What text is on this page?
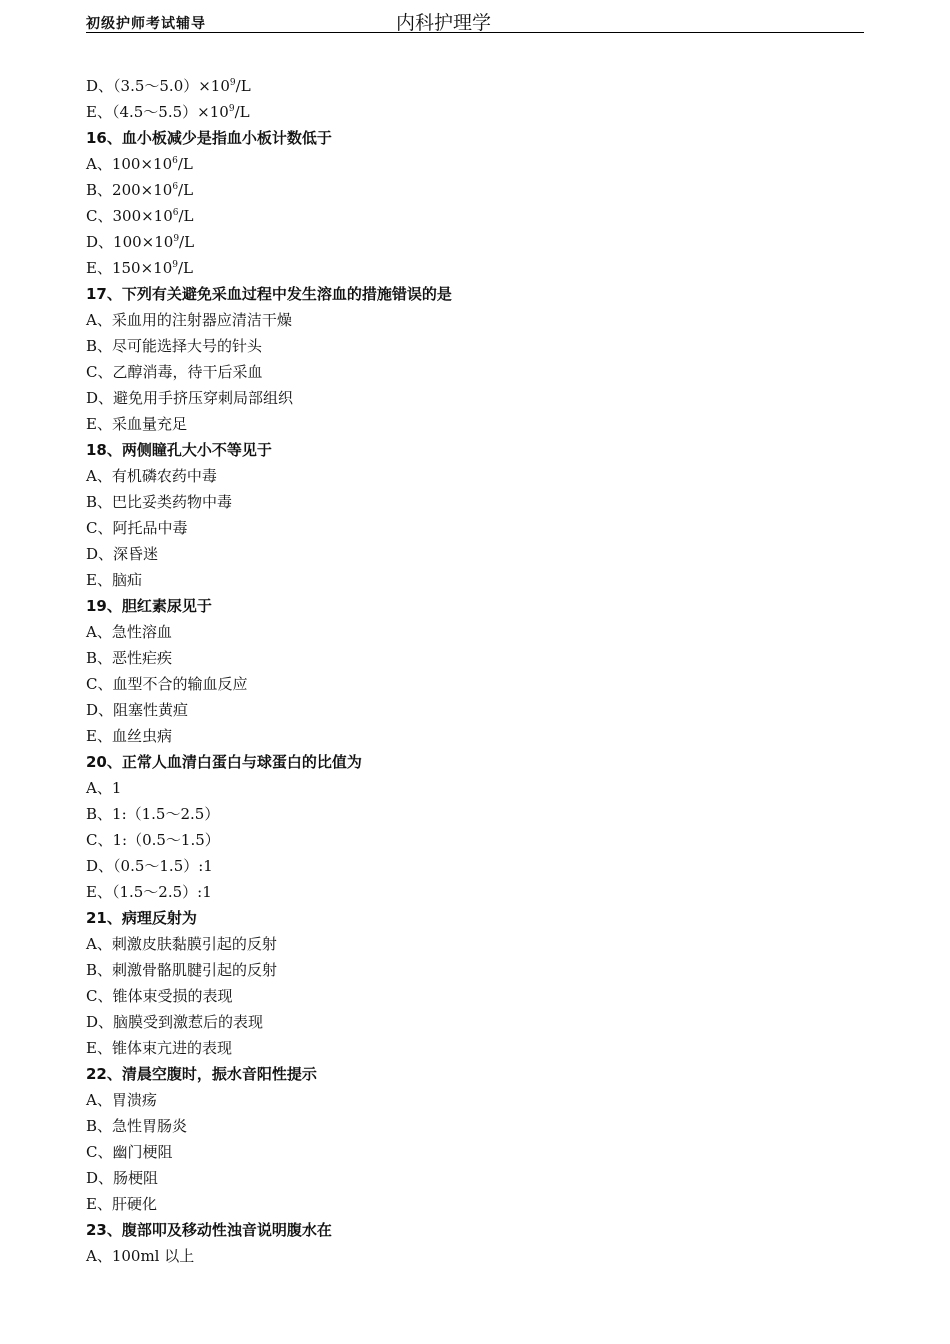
初级护师考试辅导	内科护理学
D、$(3.5\sim 5.0)\times 10^9/L$
E、$(4.5\sim 5.5)\times 10^9/L$
16、血小板减少是指血小板计数低于
A、$100\times 10^6/L$
B、$200\times 10^6/L$
C、$300\times 10^6/L$
D、$100\times 10^9/L$
E、$150\times 10^9/L$
17、下列有关避免采血过程中发生溶血的措施错误的是
A、采血用的注射器应清洁干燥
B、尽可能选择大号的针头
C、乙醇消毒，待干后采血
D、避免用手挤压穿刺局部组织
E、采血量充足
18、两侧瞳孔大小不等见于
A、有机磷农药中毒
B、巴比妥类药物中毒
C、阿托品中毒
D、深昏迷
E、脑疝
19、胆红素尿见于
A、急性溶血
B、恶性疟疾
C、血型不合的输血反应
D、阻塞性黄疸
E、血丝虫病
20、正常人血清白蛋白与球蛋白的比值为
A、1
B、1:（1.5～2.5）
C、1:（0.5～1.5）
D、（0.5～1.5）:1
E、（1.5～2.5）:1
21、病理反射为
A、刺激皮肤黏膜引起的反射
B、刺激骨骼肌腱引起的反射
C、锥体束受损的表现
D、脑膜受到激惹后的表现
E、锥体束亢进的表现
22、清晨空腹时，振水音阳性提示
A、胃溃疡
B、急性胃肠炎
C、幽门梗阻
D、肠梗阻
E、肝硬化
23、腹部叩及移动性浊音说明腹水在
A、100ml 以上
